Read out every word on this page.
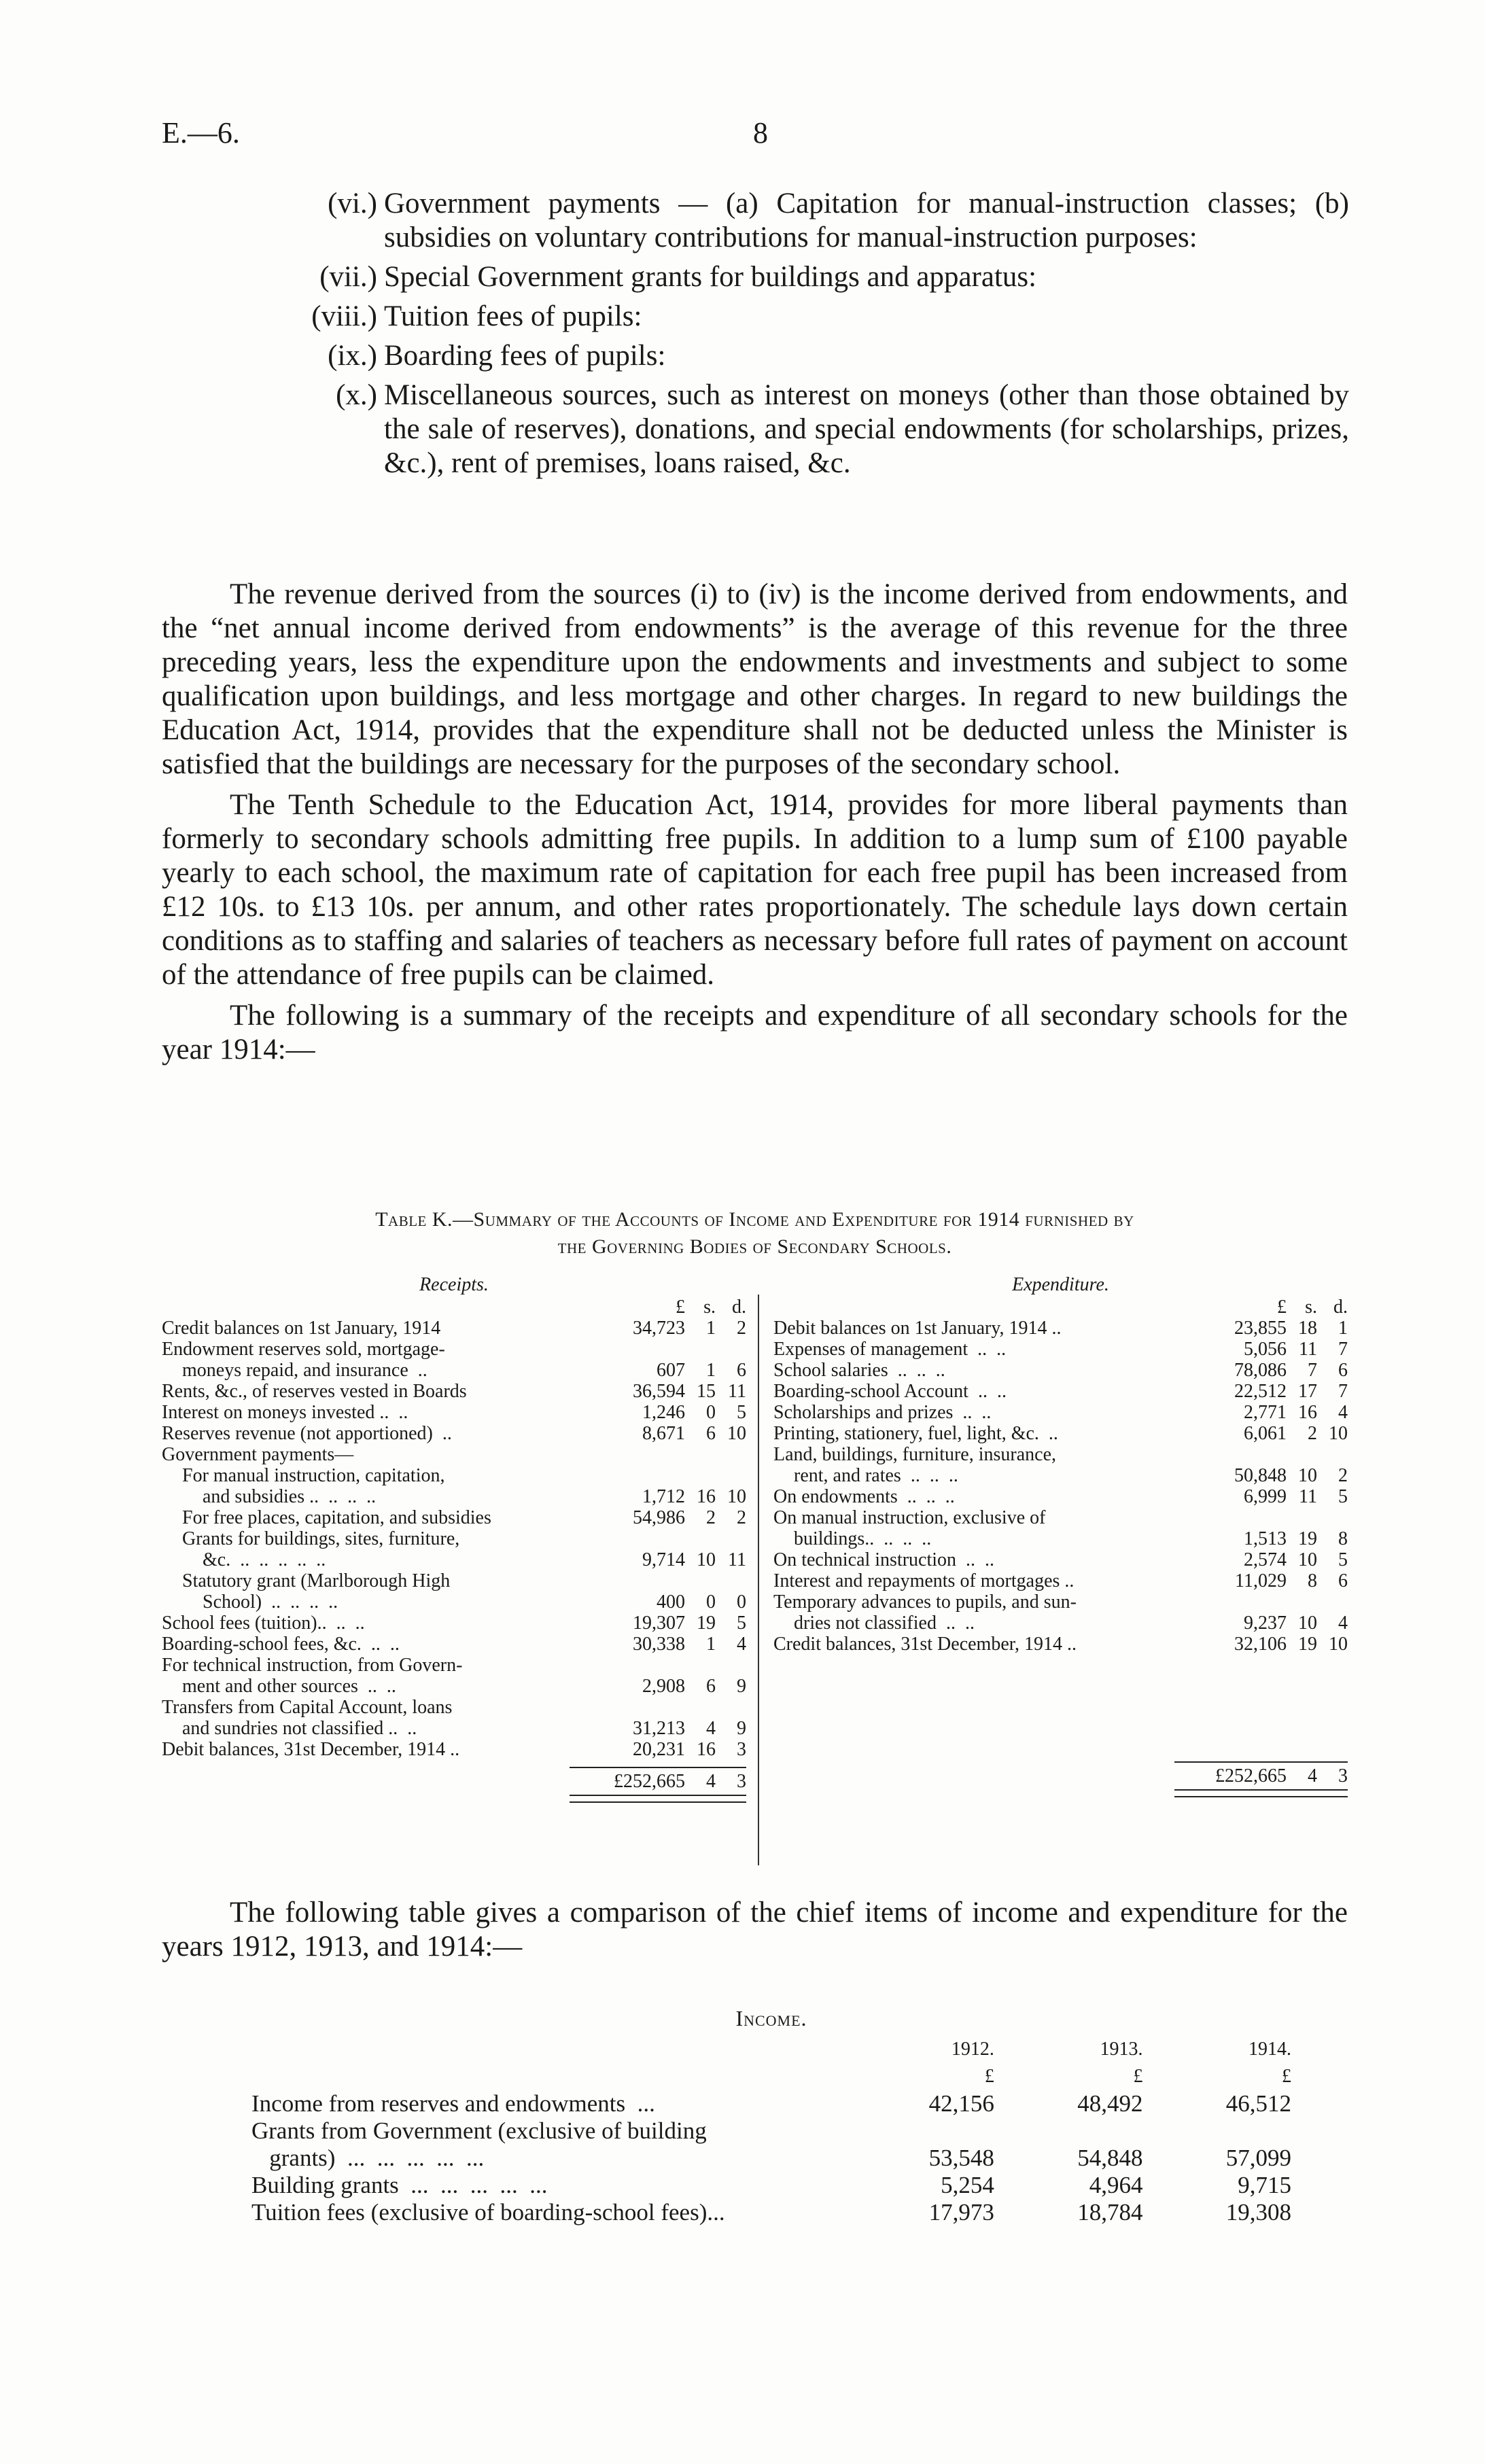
E.—6.	8
(vi.) Government payments — (a) Capitation for manual-instruction classes; (b) subsidies on voluntary contributions for manual-instruction purposes:
(vii.) Special Government grants for buildings and apparatus:
(viii.) Tuition fees of pupils:
(ix.) Boarding fees of pupils:
(x.) Miscellaneous sources, such as interest on moneys (other than those obtained by the sale of reserves), donations, and special endowments (for scholarships, prizes, &c.), rent of premises, loans raised, &c.

The revenue derived from the sources (i) to (iv) is the income derived from endowments, and the “net annual income derived from endowments” is the average of this revenue for the three preceding years, less the expenditure upon the endowments and investments and subject to some qualification upon buildings, and less mortgage and other charges. In regard to new buildings the Education Act, 1914, provides that the expenditure shall not be deducted unless the Minister is satisfied that the buildings are necessary for the purposes of the secondary school.

The Tenth Schedule to the Education Act, 1914, provides for more liberal payments than formerly to secondary schools admitting free pupils. In addition to a lump sum of £100 payable yearly to each school, the maximum rate of capitation for each free pupil has been increased from £12 10s. to £13 10s. per annum, and other rates proportionately. The schedule lays down certain conditions as to staffing and salaries of teachers as necessary before full rates of payment on account of the attendance of free pupils can be claimed.

The following is a summary of the receipts and expenditure of all secondary schools for the year 1914:—

Table K.—Summary of the Accounts of Income and Expenditure for 1914 furnished by
the Governing Bodies of Secondary Schools.
Receipts.
£ s. d.
Credit balances on 1st January, 1914	34,723	1	2
Endowment reserves sold, mortgage-
moneys repaid, and insurance  ..	607	1	6
Rents, &c., of reserves vested in Boards	36,594 15 11
Interest on moneys invested ..  ..	1,246	0	5
Reserves revenue (not apportioned)  ..	8,671	6 10
Government payments—
For manual instruction, capitation,
and subsidies ..  ..  ..  ..	1,712 16 10
For free places, capitation, and subsidies	54,986	2	2
Grants for buildings, sites, furniture,
&c.  ..  ..  ..  ..  ..	9,714 10 11
Statutory grant (Marlborough High
School)  ..  ..  ..  ..	400	0	0
School fees (tuition)..  ..  ..	19,307 19	5
Boarding-school fees, &c.  ..  ..	30,338	1	4
For technical instruction, from Govern-
ment and other sources  ..  ..	2,908	6	9
Transfers from Capital Account, loans
and sundries not classified ..  ..	31,213	4	9
Debit balances, 31st December, 1914 ..	20,231 16	3
£252,665	4	3
Expenditure.
£ s. d.
Debit balances on 1st January, 1914 ..	23,855 18	1
Expenses of management  ..  ..	5,056 11	7
School salaries  ..  ..  ..	78,086	7	6
Boarding-school Account  ..  ..	22,512 17	7
Scholarships and prizes  ..  ..	2,771 16	4
Printing, stationery, fuel, light, &c.  ..	6,061	2 10
Land, buildings, furniture, insurance,
rent, and rates  ..  ..  ..	50,848 10	2
On endowments  ..  ..  ..	6,999 11	5
On manual instruction, exclusive of
buildings..  ..  ..  ..	1,513 19	8
On technical instruction  ..  ..	2,574 10	5
Interest and repayments of mortgages ..	11,029	8	6
Temporary advances to pupils, and sun-
dries not classified  ..  ..	9,237 10	4
Credit balances, 31st December, 1914 ..	32,106 19 10
£252,665	4	3

The following table gives a comparison of the chief items of income and expenditure for the years 1912, 1913, and 1914:—

Income.
1912.	1913.	1914.
£	£	£
Income from reserves and endowments  ...	42,156	48,492	46,512
Grants from Government (exclusive of building
grants)  ...  ...  ...  ...  ...	53,548	54,848	57,099
Building grants  ...  ...  ...  ...  ...	5,254	4,964	9,715
Tuition fees (exclusive of boarding-school fees)...	17,973	18,784	19,308
